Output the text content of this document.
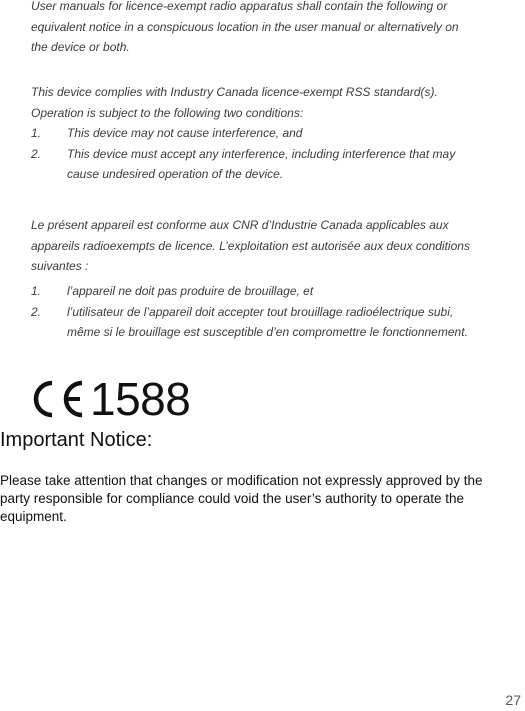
User manuals for licence-exempt radio apparatus shall contain the following or
equivalent notice in a conspicuous location in the user manual or alternatively on
the device or both.
This device complies with Industry Canada licence-exempt RSS standard(s).
Operation is subject to the following two conditions:
1. This device may not cause interference, and
2. This device must accept any interference, including interference that may
cause undesired operation of the device.
Le présent appareil est conforme aux CNR d’Industrie Canada applicables aux
appareils radioexempts de licence. L’exploitation est autorisée aux deux conditions
suivantes :
1. l’appareil ne doit pas produire de brouillage, et
2. l’utilisateur de l’appareil doit accepter tout brouillage radioélectrique subi,
même si le brouillage est susceptible d’en compromettre le fonctionnement.
1588
Important Notice:
Please take attention that changes or modification not expressly approved by the
party responsible for compliance could void the user’s authority to operate the
equipment.
27
